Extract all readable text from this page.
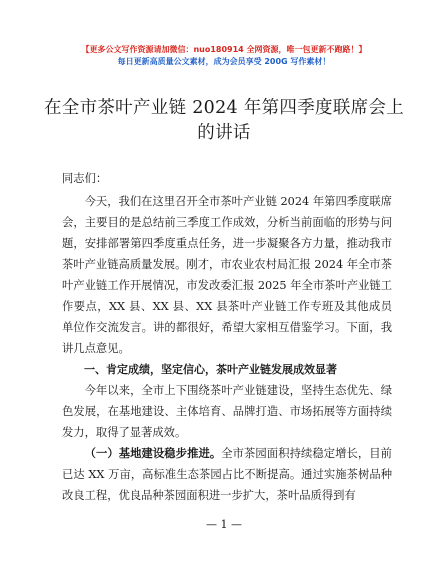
【更多公文写作资源请加微信：nuo180914 全网资源，唯一包更新不跑路！】
每日更新高质量公文素材，成为会员享受 200G 写作素材！
在全市茶叶产业链 2024 年第四季度联席会上的讲话

同志们：

今天，我们在这里召开全市茶叶产业链 2024 年第四季度联席会，主要目的是总结前三季度工作成效，分析当前面临的形势与问题，安排部署第四季度重点任务，进一步凝聚各方力量，推动我市茶叶产业链高质量发展。刚才，市农业农村局汇报 2024 年全市茶叶产业链工作开展情况，市发改委汇报 2025 年全市茶叶产业链工作要点，XX 县、XX 县、XX 县茶叶产业链工作专班及其他成员单位作交流发言。讲的都很好，希望大家相互借鉴学习。下面，我讲几点意见。

一、肯定成绩，坚定信心，茶叶产业链发展成效显著

今年以来，全市上下围绕茶叶产业链建设，坚持生态优先、绿色发展，在基地建设、主体培育、品牌打造、市场拓展等方面持续发力，取得了显著成效。

（一）基地建设稳步推进。全市茶园面积持续稳定增长，目前已达 XX 万亩，高标准生态茶园占比不断提高。通过实施茶树品种改良工程，优良品种茶园面积进一步扩大，茶叶品质得到有

— 1 —
